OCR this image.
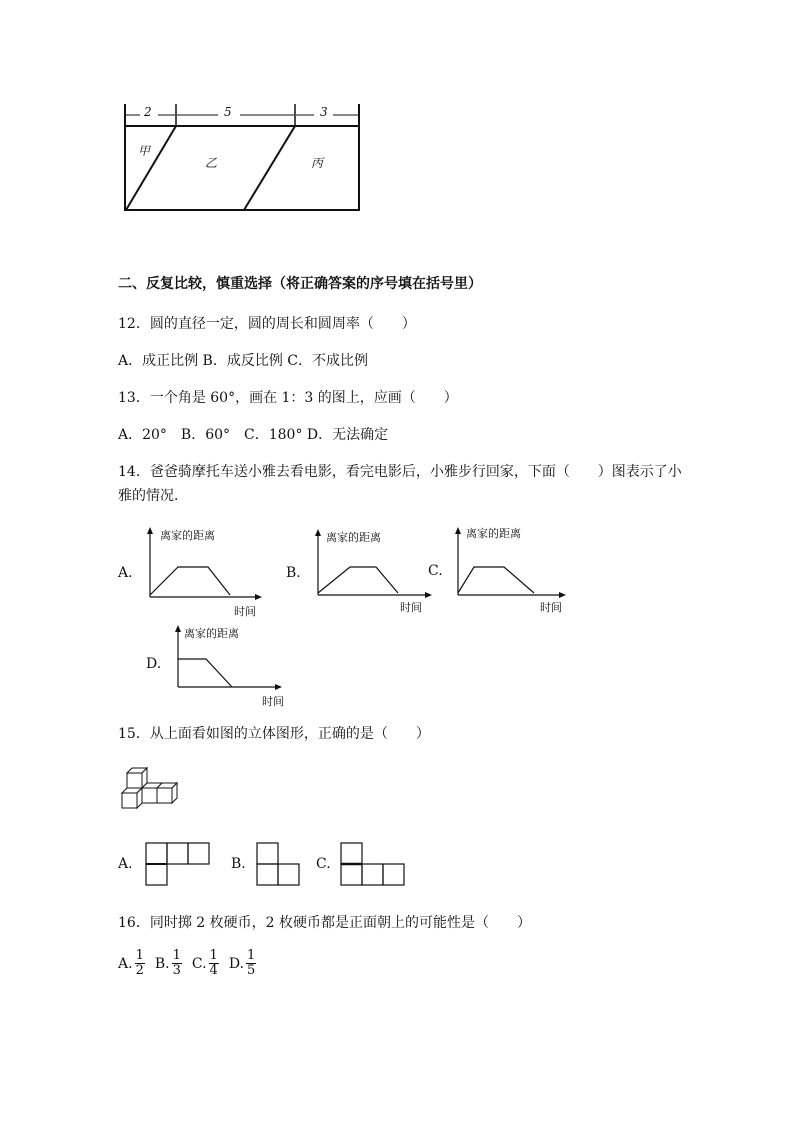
2	5	3
甲
乙	丙
二、反复比较，慎重选择（将正确答案的序号填在括号里）
12．圆的直径一定，圆的周长和圆周率（　　）
A．成正比例 B．成反比例 C．不成比例
13．一个角是 60°，画在 1：3 的图上，应画（　　）
A．20°　B．60°　C．180° D．无法确定
14．爸爸骑摩托车送小雅去看电影，看完电影后，小雅步行回家，下面（　　）图表示了小
雅的情况．
A.
离家的距离
时间
B.
离家的距离
时间
C.
离家的距离
时间
D.
离家的距离
时间
15．从上面看如图的立体图形，正确的是（　　）
A.	B.	C.
16．同时掷 2 枚硬币，2 枚硬币都是正面朝上的可能性是（　　）
A. $\frac{1}{2} B$. $\frac{1}{3} C$. $\frac{1}{4} D$. $\frac{1}{5}$
